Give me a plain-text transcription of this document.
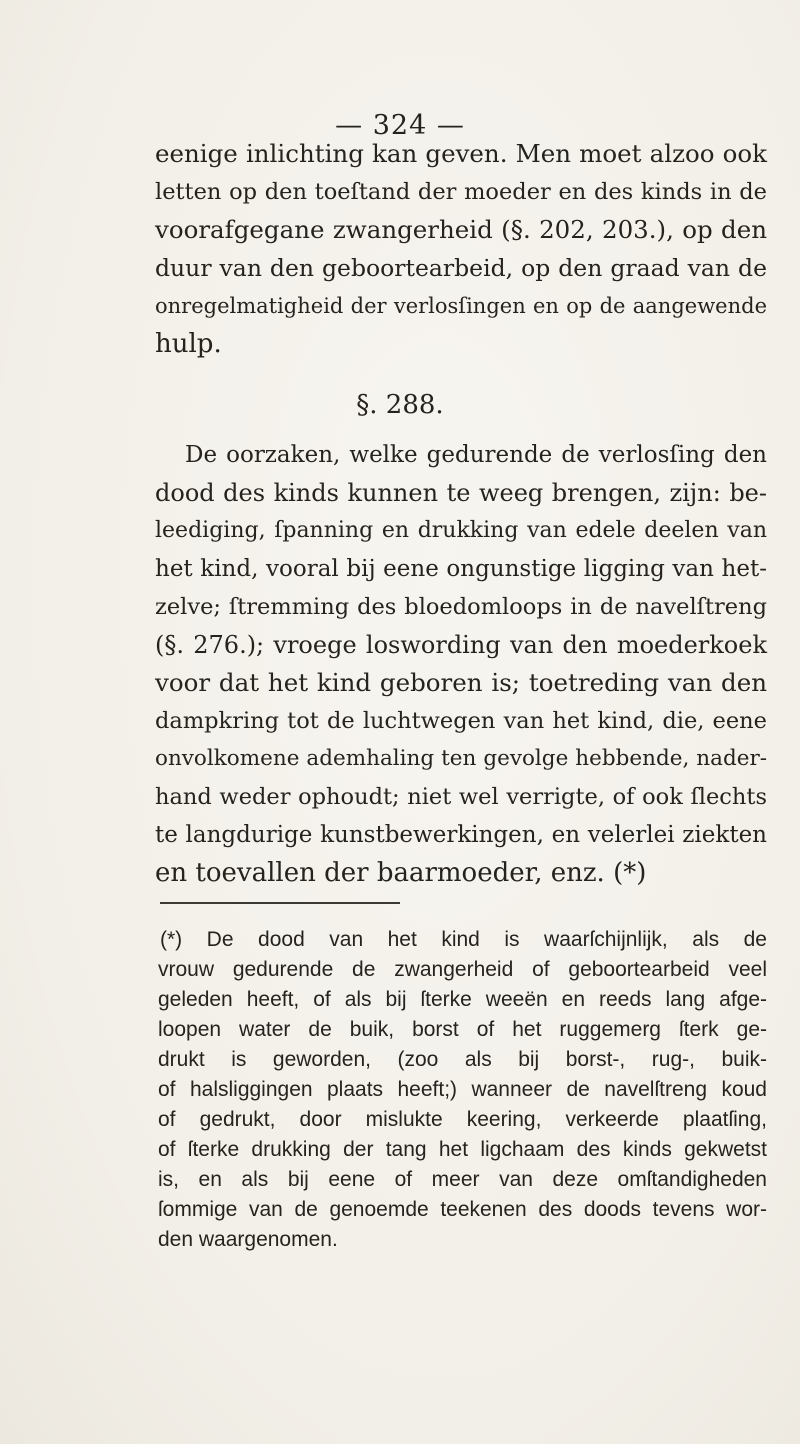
— 324 —
eenige inlichting kan geven. Men moet alzoo ook
letten op den toeſtand der moeder en des kinds in de
voorafgegane zwangerheid (§. 202, 203.), op den
duur van den geboortearbeid, op den graad van de
onregelmatigheid der verlosſingen en op de aangewende
hulp.
§. 288.
De oorzaken, welke gedurende de verlosſing den
dood des kinds kunnen te weeg brengen, zijn: be-
leediging, ſpanning en drukking van edele deelen van
het kind, vooral bij eene ongunstige ligging van het-
zelve; ſtremming des bloedomloops in de navelſtreng
(§. 276.); vroege loswording van den moederkoek
voor dat het kind geboren is; toetreding van den
dampkring tot de luchtwegen van het kind, die, eene
onvolkomene ademhaling ten gevolge hebbende, nader-
hand weder ophoudt; niet wel verrigte, of ook ſlechts
te langdurige kunstbewerkingen, en velerlei ziekten
en toevallen der baarmoeder, enz. (*)
(*) De dood van het kind is waarſchijnlijk, als de
vrouw gedurende de zwangerheid of geboortearbeid veel
geleden heeft, of als bij ſterke weeën en reeds lang afge-
loopen water de buik, borst of het ruggemerg ſterk ge-
drukt is geworden, (zoo als bij borst-, rug-, buik-
of halsliggingen plaats heeft;) wanneer de navelſtreng koud
of gedrukt, door mislukte keering, verkeerde plaatſing,
of ſterke drukking der tang het ligchaam des kinds gekwetst
is, en als bij eene of meer van deze omſtandigheden
ſommige van de genoemde teekenen des doods tevens wor-
den waargenomen.
